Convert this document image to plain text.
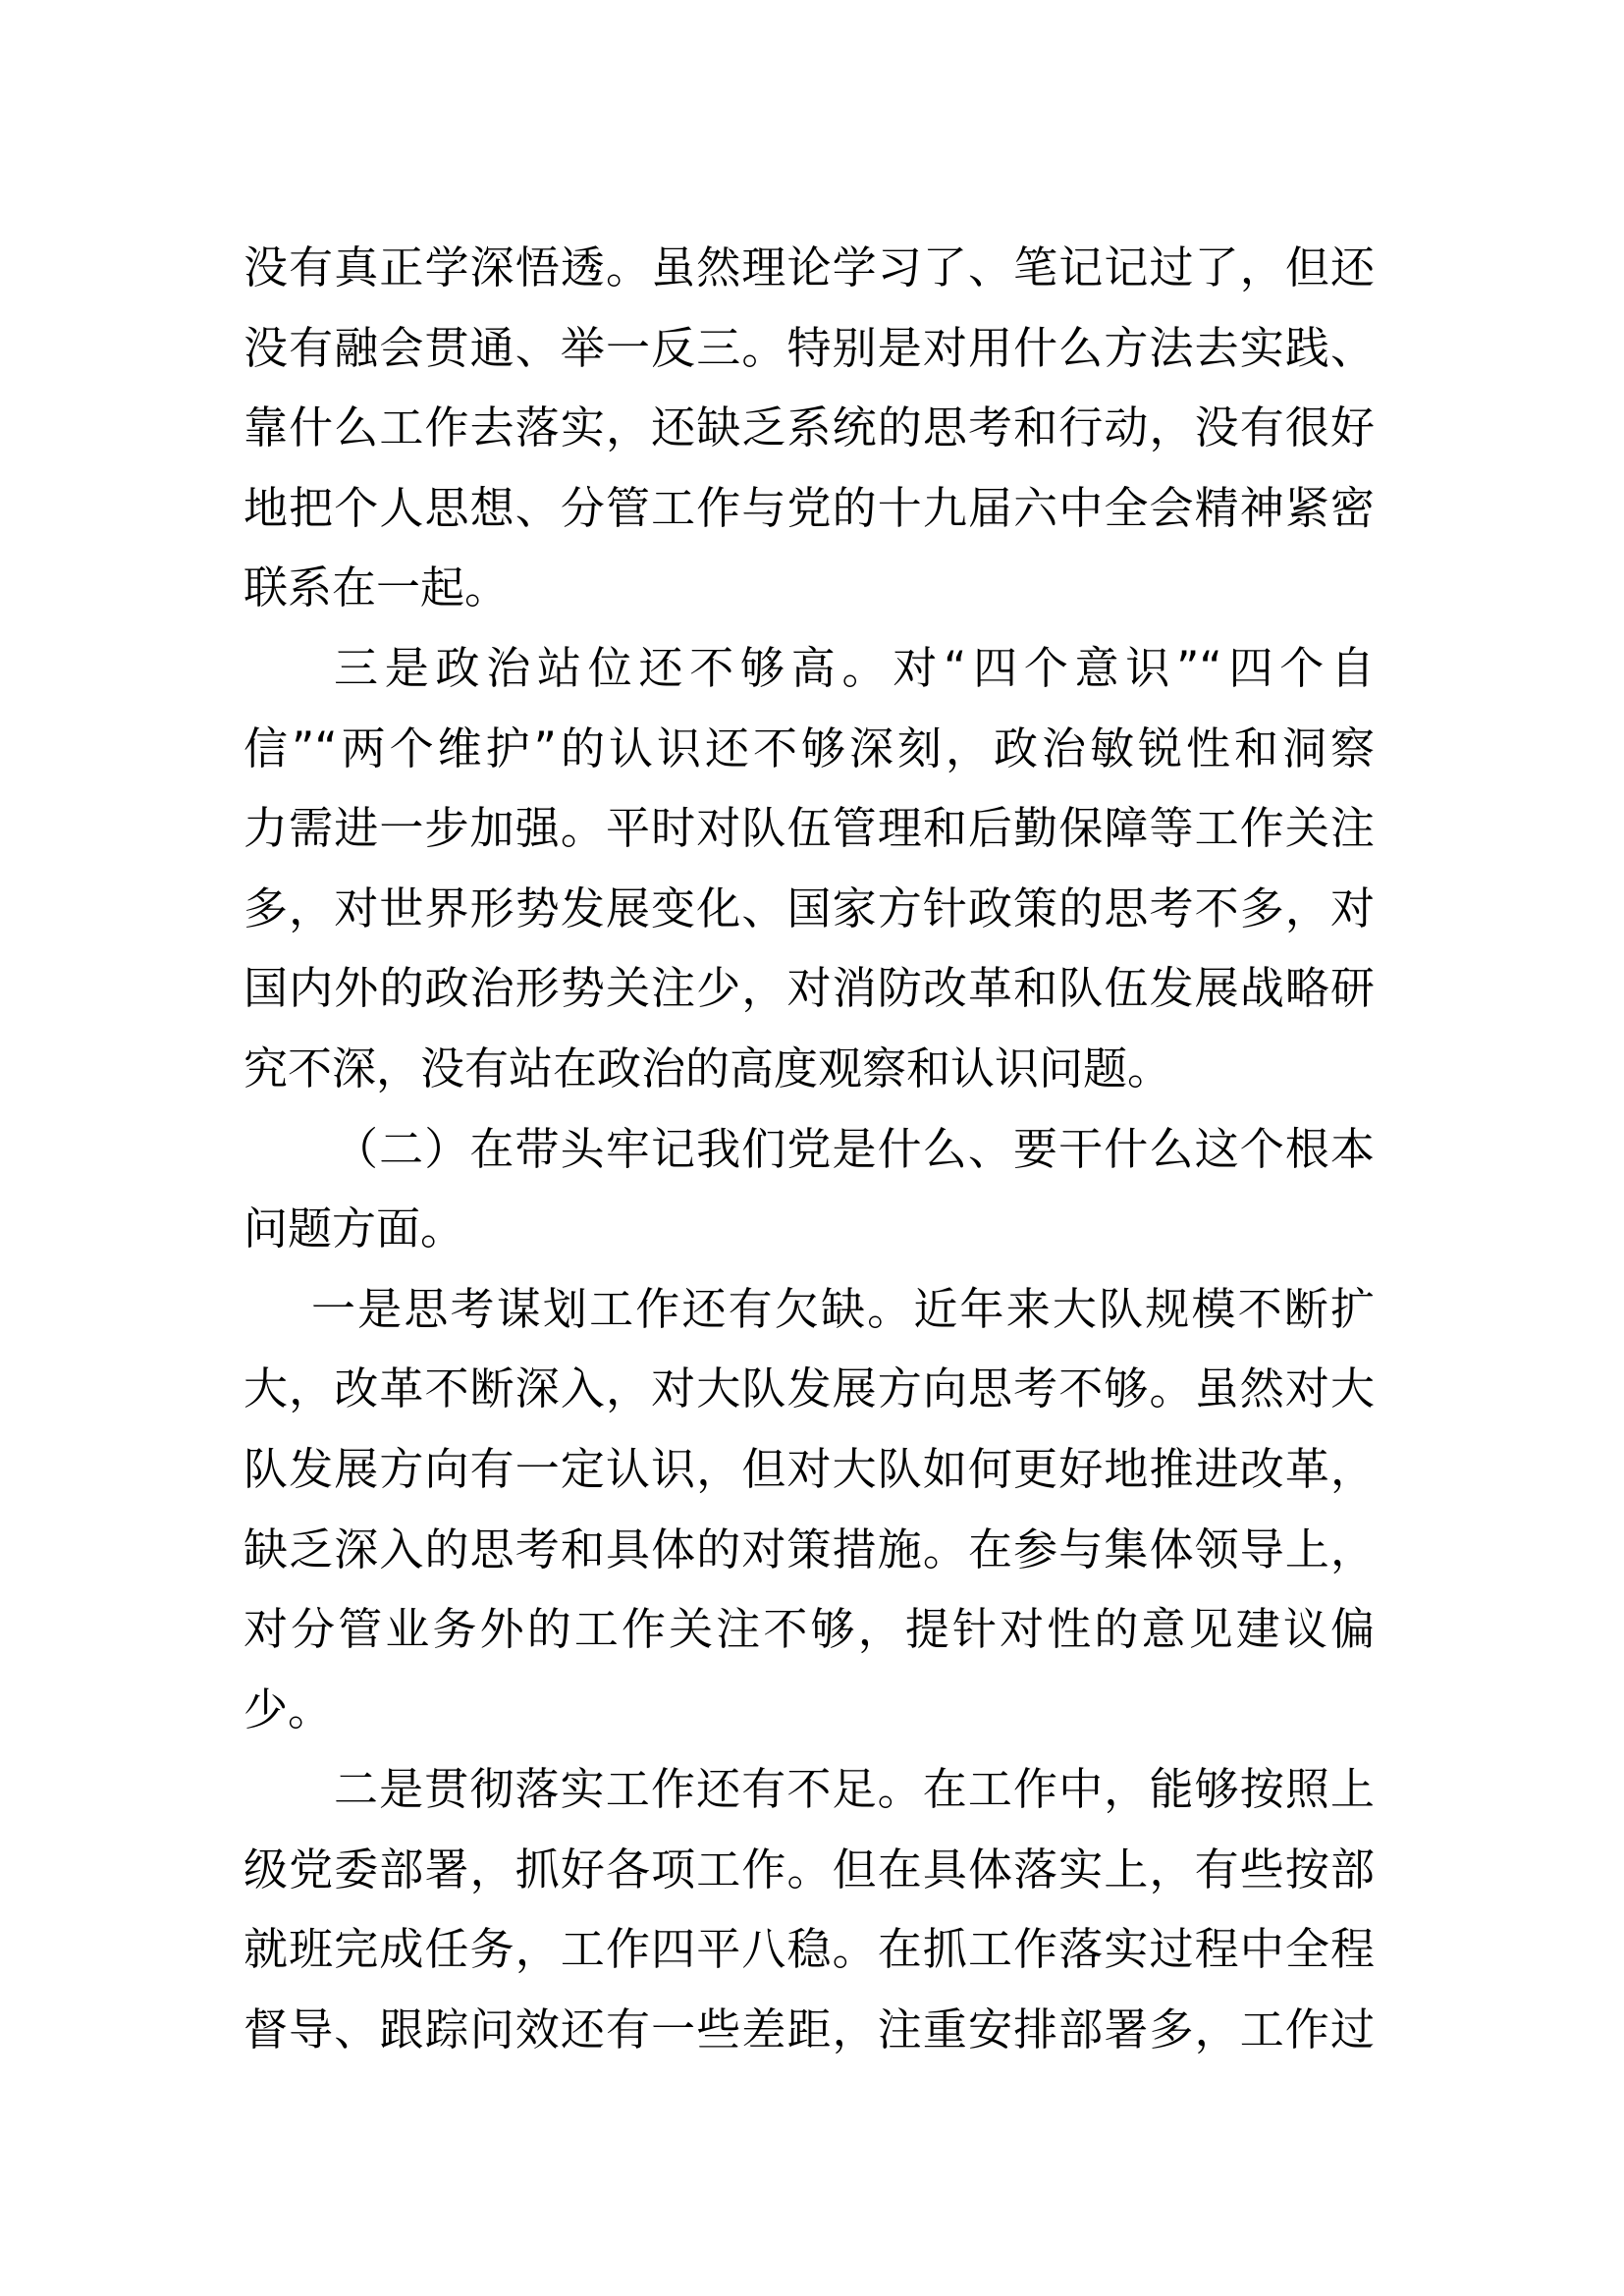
没有真正学深悟透。虽然理论学习了、笔记记过了，但还
没有融会贯通、举一反三。特别是对用什么方法去实践、
靠什么工作去落实，还缺乏系统的思考和行动，没有很好
地把个人思想、分管工作与党的十九届六中全会精神紧密
联系在一起。
三是政治站位还不够高。对“四个意识”“四个自
信”“两个维护”的认识还不够深刻，政治敏锐性和洞察
力需进一步加强。平时对队伍管理和后勤保障等工作关注
多，对世界形势发展变化、国家方针政策的思考不多，对
国内外的政治形势关注少，对消防改革和队伍发展战略研
究不深，没有站在政治的高度观察和认识问题。
（二）在带头牢记我们党是什么、要干什么这个根本
问题方面。
一是思考谋划工作还有欠缺。近年来大队规模不断扩
大，改革不断深入，对大队发展方向思考不够。虽然对大
队发展方向有一定认识，但对大队如何更好地推进改革，
缺乏深入的思考和具体的对策措施。在参与集体领导上，
对分管业务外的工作关注不够，提针对性的意见建议偏
少。
二是贯彻落实工作还有不足。在工作中，能够按照上
级党委部署，抓好各项工作。但在具体落实上，有些按部
就班完成任务，工作四平八稳。在抓工作落实过程中全程
督导、跟踪问效还有一些差距，注重安排部署多，工作过
